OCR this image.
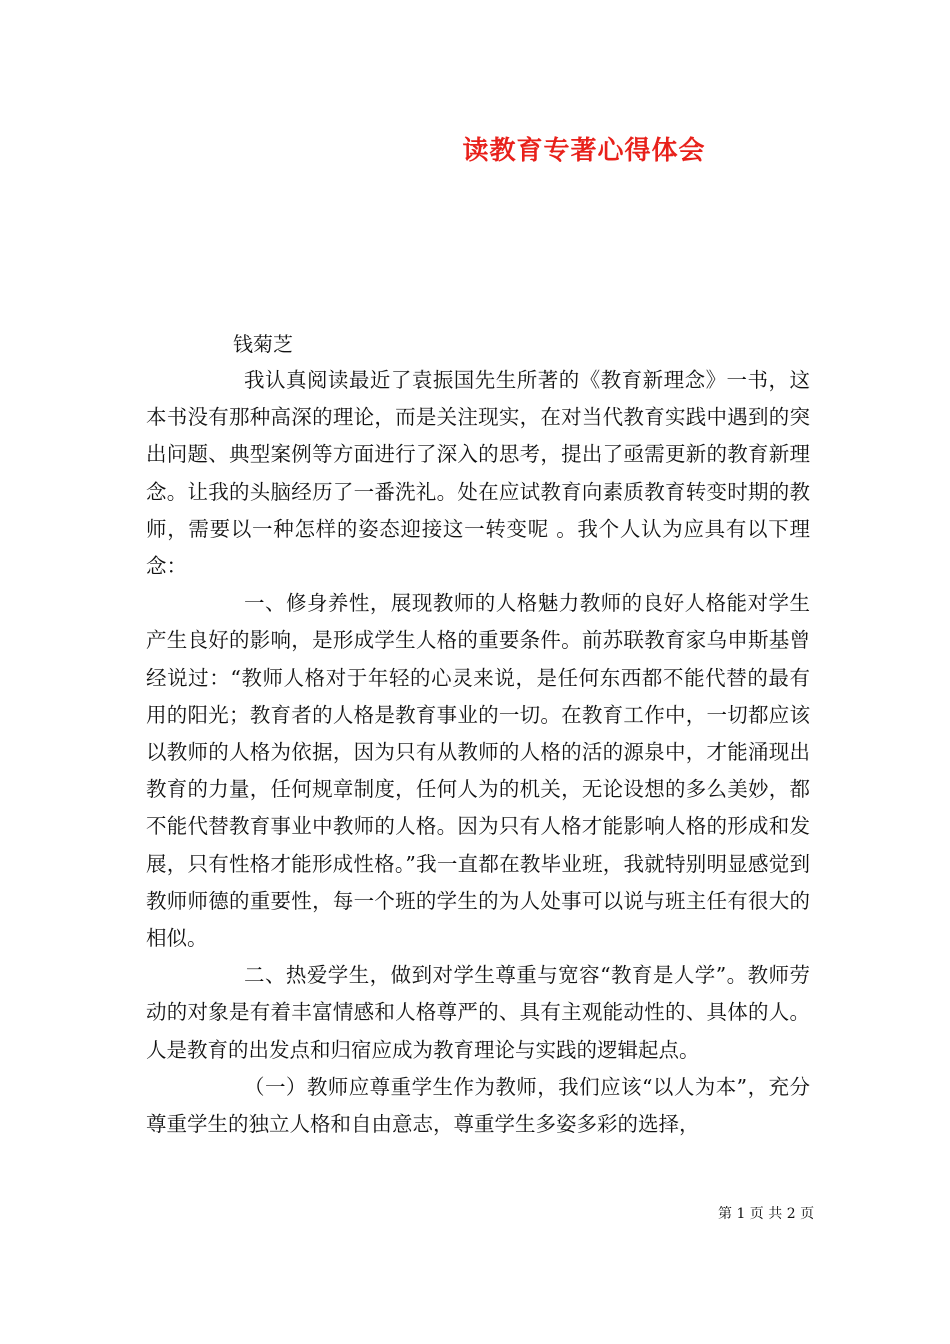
读教育专著心得体会
钱菊芝

我认真阅读最近了袁振国先生所著的《教育新理念》一书，这本书没有那种高深的理论，而是关注现实，在对当代教育实践中遇到的突出问题、典型案例等方面进行了深入的思考，提出了亟需更新的教育新理念。让我的头脑经历了一番洗礼。处在应试教育向素质教育转变时期的教师，需要以一种怎样的姿态迎接这一转变呢 。我个人认为应具有以下理念：

一、修身养性，展现教师的人格魅力教师的良好人格能对学生产生良好的影响，是形成学生人格的重要条件。前苏联教育家乌申斯基曾经说过：“教师人格对于年轻的心灵来说，是任何东西都不能代替的最有用的阳光；教育者的人格是教育事业的一切。在教育工作中，一切都应该以教师的人格为依据，因为只有从教师的人格的活的源泉中，才能涌现出教育的力量，任何规章制度，任何人为的机关，无论设想的多么美妙，都不能代替教育事业中教师的人格。因为只有人格才能影响人格的形成和发展，只有性格才能形成性格。”我一直都在教毕业班，我就特别明显感觉到教师师德的重要性，每一个班的学生的为人处事可以说与班主任有很大的相似。

二、热爱学生，做到对学生尊重与宽容“教育是人学”。教师劳动的对象是有着丰富情感和人格尊严的、具有主观能动性的、具体的人。人是教育的出发点和归宿应成为教育理论与实践的逻辑起点。

（一）教师应尊重学生作为教师，我们应该“以人为本”，充分尊重学生的独立人格和自由意志，尊重学生多姿多彩的选择，

第 1 页 共 2 页
